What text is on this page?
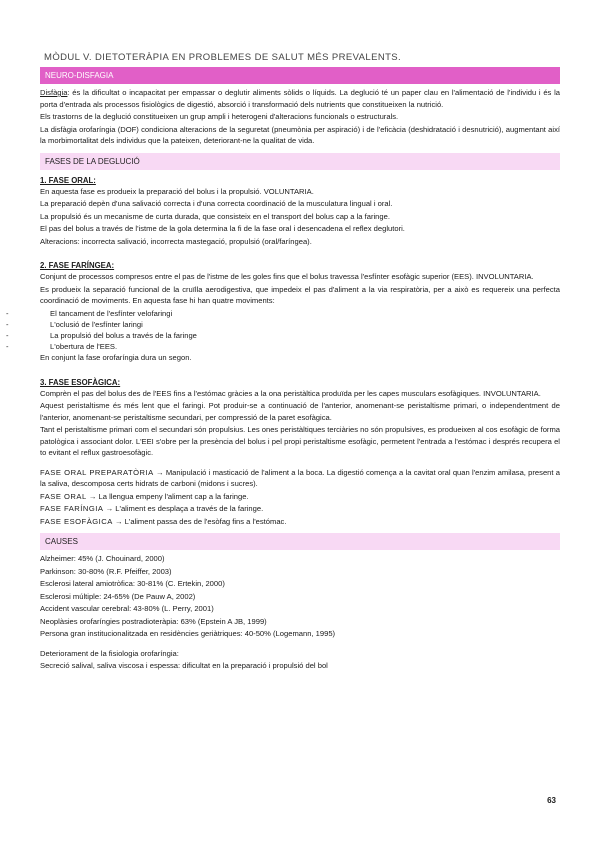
MÒDUL V. DIETOTERÀPIA EN PROBLEMES DE SALUT MÉS PREVALENTS.
NEURO-DISFAGIA

Disfàgia: és la dificultat o incapacitat per empassar o deglutir aliments sòlids o líquids. La deglució té un paper clau en l'alimentació de l'individu i és la porta d'entrada als processos fisiològics de digestió, absorció i transformació dels nutrients que constitueixen la nutrició.

Els trastorns de la deglució constitueixen un grup ampli i heterogeni d'alteracions funcionals o estructurals.

La disfàgia orofaríngia (DOF) condiciona alteracions de la seguretat (pneumònia per aspiració) i de l'eficàcia (deshidratació i desnutrició), augmentant així la morbimortalitat dels individus que la pateixen, deteriorant-ne la qualitat de vida.

FASES DE LA DEGLUCIÓ
1. FASE ORAL:

En aquesta fase es produeix la preparació del bolus i la propulsió. VOLUNTARIA.

La preparació depèn d'una salivació correcta i d'una correcta coordinació de la musculatura lingual i oral.

La propulsió és un mecanisme de curta durada, que consisteix en el transport del bolus cap a la faringe.

El pas del bolus a través de l'istme de la gola determina la fi de la fase oral i desencadena el reflex deglutori.

Alteracions: incorrecta salivació, incorrecta mastegació, propulsió (oral/faríngea).

2. FASE FARÍNGEA:

Conjunt de processos compresos entre el pas de l'istme de les goles fins que el bolus travessa l'esfínter esofàgic superior (EES). INVOLUNTARIA.

Es produeix la separació funcional de la cruïlla aerodigestiva, que impedeix el pas d'aliment a la via respiratòria, per a això es requereix una perfecta coordinació de moviments. En aquesta fase hi han quatre moviments:

- El tancament de l'esfínter velofaringi
- L'oclusió de l'esfínter laringi
- La propulsió del bolus a través de la faringe
- L'obertura de l'EES.

En conjunt la fase orofaríngia dura un segon.

3. FASE ESOFÀGICA:

Comprèn el pas del bolus des de l'EES fins a l'estómac gràcies a la ona peristàltica produïda per les capes musculars esofàgiques. INVOLUNTARIA.

Aquest peristaltisme és més lent que el faringi. Pot produir-se a continuació de l'anterior, anomenant-se peristaltisme primari, o independentment de l'anterior, anomenant-se peristaltisme secundari, per compressió de la paret esofàgica.

Tant el peristaltisme primari com el secundari són propulsius. Les ones peristàltiques terciàries no són propulsives, es produeixen al cos esofàgic de forma patològica i associant dolor. L'EEI s'obre per la presència del bolus i pel propi peristaltisme esofàgic, permetent l'entrada a l'estómac i després recupera el to evitant el reflux gastroesofàgic.

FASE ORAL PREPARATÒRIA → Manipulació i masticació de l'aliment a la boca. La digestió comença a la cavitat oral quan l'enzim amilasa, present a la saliva, descomposa certs hidrats de carboni (midons i sucres).

FASE ORAL → La llengua empeny l'aliment cap a la faringe.

FASE FARÍNGIA → L'aliment es desplaça a través de la faringe.

FASE ESOFÀGICA → L'aliment passa des de l'esòfag fins a l'estómac.

CAUSES

Alzheimer: 45% (J. Chouinard, 2000)

Parkinson: 30-80% (R.F. Pfeiffer, 2003)

Esclerosi lateral amiotròfica: 30-81% (C. Ertekin, 2000)

Esclerosi múltiple: 24-65% (De Pauw A, 2002)

Accident vascular cerebral: 43-80% (L. Perry, 2001)

Neoplàsies orofaríngies postradioteràpia: 63% (Epstein A JB, 1999)

Persona gran institucionalitzada en residències geriàtriques: 40-50% (Logemann, 1995)

Deteriorament de la fisiologia orofaríngia:

Secreció salival, saliva viscosa i espessa: dificultat en la preparació i propulsió del bol

63
